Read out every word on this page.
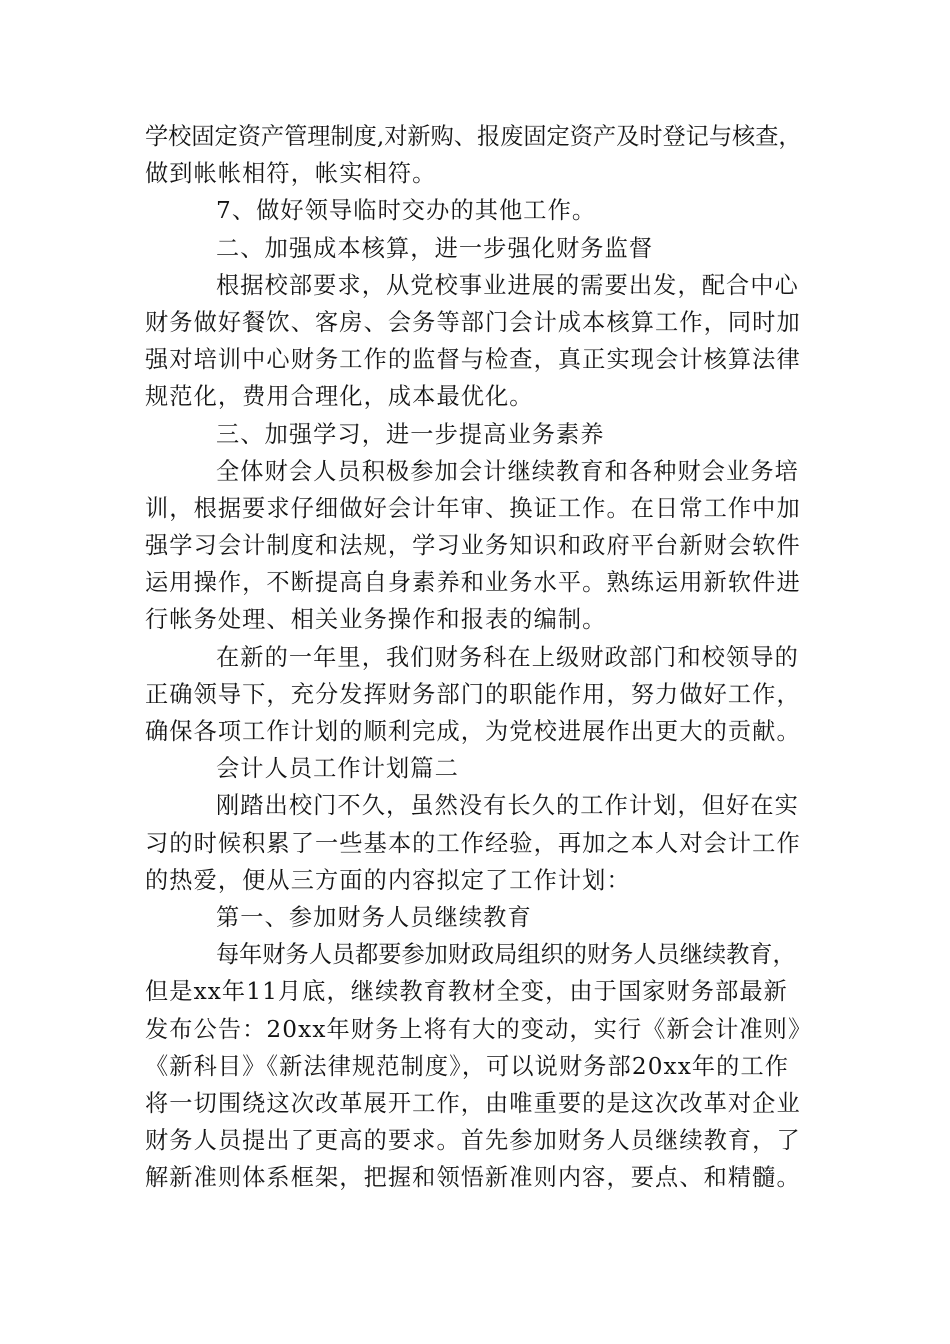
学校固定资产管理制度,对新购、报废固定资产及时登记与核查，
做到帐帐相符，帐实相符。
7、做好领导临时交办的其他工作。
二、加强成本核算，进一步强化财务监督
根据校部要求，从党校事业进展的需要出发，配合中心
财务做好餐饮、客房、会务等部门会计成本核算工作，同时加
强对培训中心财务工作的监督与检查，真正实现会计核算法律
规范化，费用合理化，成本最优化。
三、加强学习，进一步提高业务素养
全体财会人员积极参加会计继续教育和各种财会业务培
训，根据要求仔细做好会计年审、换证工作。在日常工作中加
强学习会计制度和法规，学习业务知识和政府平台新财会软件
运用操作，不断提高自身素养和业务水平。熟练运用新软件进
行帐务处理、相关业务操作和报表的编制。
在新的一年里，我们财务科在上级财政部门和校领导的
正确领导下，充分发挥财务部门的职能作用，努力做好工作，
确保各项工作计划的顺利完成，为党校进展作出更大的贡献。
会计人员工作计划篇二
刚踏出校门不久，虽然没有长久的工作计划，但好在实
习的时候积累了一些基本的工作经验，再加之本人对会计工作
的热爱，便从三方面的内容拟定了工作计划：
第一、参加财务人员继续教育
每年财务人员都要参加财政局组织的财务人员继续教育，
但是xx年11月底，继续教育教材全变，由于国家财务部最新
发布公告：20xx年财务上将有大的变动，实行《新会计准则》
《新科目》《新法律规范制度》，可以说财务部20xx年的工作
将一切围绕这次改革展开工作，由唯重要的是这次改革对企业
财务人员提出了更高的要求。首先参加财务人员继续教育，了
解新准则体系框架，把握和领悟新准则内容，要点、和精髓。
